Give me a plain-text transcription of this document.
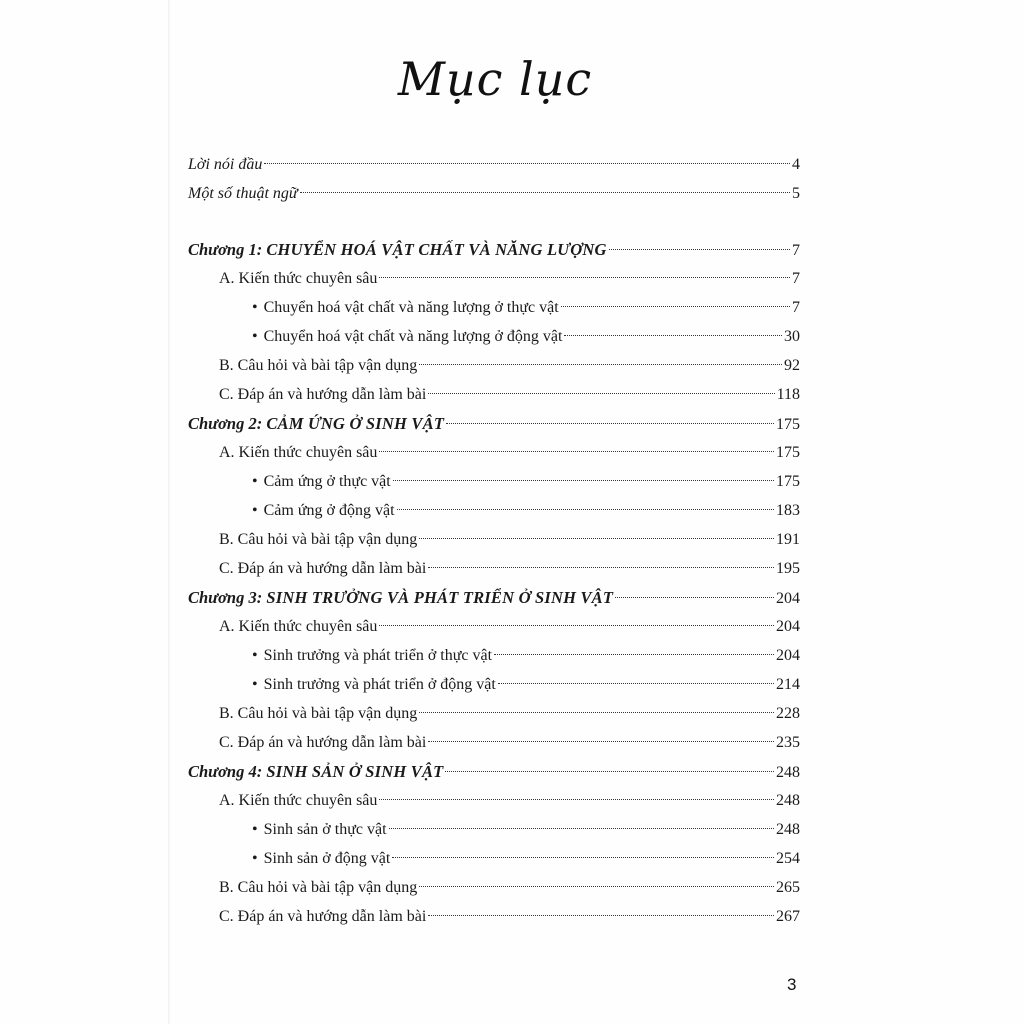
Mục lục
Lời nói đầu	4
Một số thuật ngữ	5
Chương 1: CHUYỂN HOÁ VẬT CHẤT VÀ NĂNG LƯỢNG	7
A. Kiến thức chuyên sâu	7
• Chuyển hoá vật chất và năng lượng ở thực vật	7
• Chuyển hoá vật chất và năng lượng ở động vật	30
B. Câu hỏi và bài tập vận dụng	92
C. Đáp án và hướng dẫn làm bài	118
Chương 2: CẢM ỨNG Ở SINH VẬT	175
A. Kiến thức chuyên sâu	175
• Cảm ứng ở thực vật	175
• Cảm ứng ở động vật	183
B. Câu hỏi và bài tập vận dụng	191
C. Đáp án và hướng dẫn làm bài	195
Chương 3: SINH TRƯỞNG VÀ PHÁT TRIỂN Ở SINH VẬT	204
A. Kiến thức chuyên sâu	204
• Sinh trưởng và phát triển ở thực vật	204
• Sinh trưởng và phát triển ở động vật	214
B. Câu hỏi và bài tập vận dụng	228
C. Đáp án và hướng dẫn làm bài	235
Chương 4: SINH SẢN Ở SINH VẬT	248
A. Kiến thức chuyên sâu	248
• Sinh sản ở thực vật	248
• Sinh sản ở động vật	254
B. Câu hỏi và bài tập vận dụng	265
C. Đáp án và hướng dẫn làm bài	267
3
